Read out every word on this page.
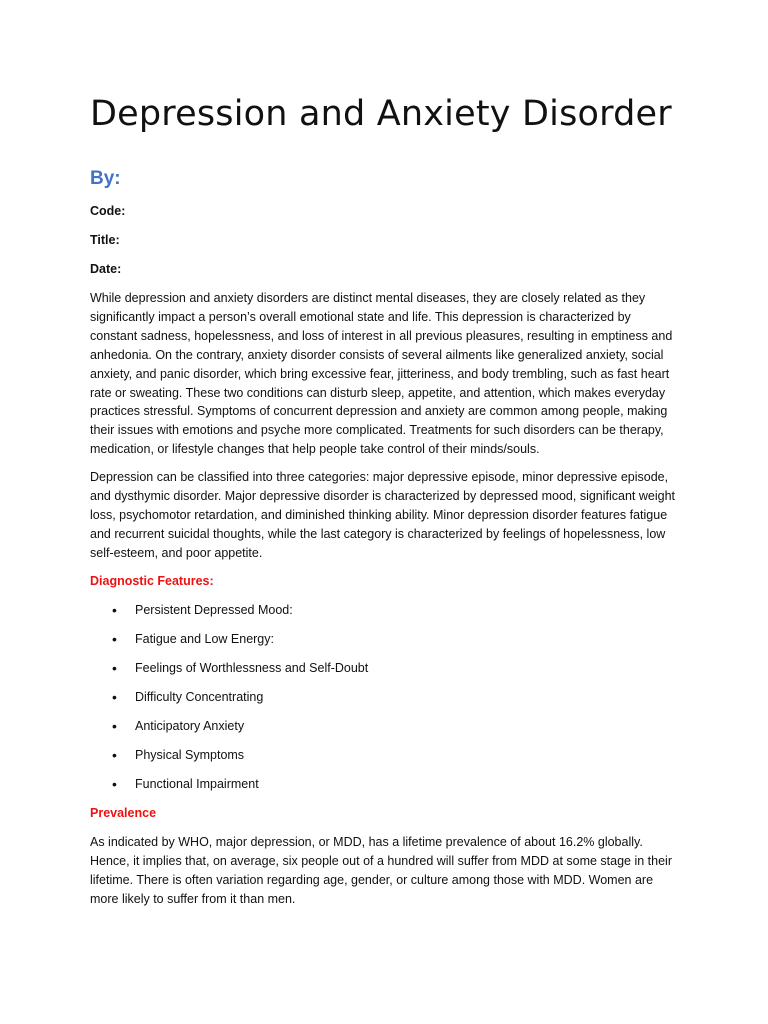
Depression and Anxiety Disorder

By:

Code:

Title:

Date:

While depression and anxiety disorders are distinct mental diseases, they are closely related as they significantly impact a person’s overall emotional state and life. This depression is characterized by constant sadness, hopelessness, and loss of interest in all previous pleasures, resulting in emptiness and anhedonia. On the contrary, anxiety disorder consists of several ailments like generalized anxiety, social anxiety, and panic disorder, which bring excessive fear, jitteriness, and body trembling, such as fast heart rate or sweating. These two conditions can disturb sleep, appetite, and attention, which makes everyday practices stressful. Symptoms of concurrent depression and anxiety are common among people, making their issues with emotions and psyche more complicated. Treatments for such disorders can be therapy, medication, or lifestyle changes that help people take control of their minds/souls.

Depression can be classified into three categories: major depressive episode, minor depressive episode, and dysthymic disorder. Major depressive disorder is characterized by depressed mood, significant weight loss, psychomotor retardation, and diminished thinking ability. Minor depression disorder features fatigue and recurrent suicidal thoughts, while the last category is characterized by feelings of hopelessness, low self-esteem, and poor appetite.

Diagnostic Features:

• Persistent Depressed Mood:
• Fatigue and Low Energy:
• Feelings of Worthlessness and Self-Doubt
• Difficulty Concentrating
• Anticipatory Anxiety
• Physical Symptoms
• Functional Impairment

Prevalence

As indicated by WHO, major depression, or MDD, has a lifetime prevalence of about 16.2% globally. Hence, it implies that, on average, six people out of a hundred will suffer from MDD at some stage in their lifetime. There is often variation regarding age, gender, or culture among those with MDD. Women are more likely to suffer from it than men.
